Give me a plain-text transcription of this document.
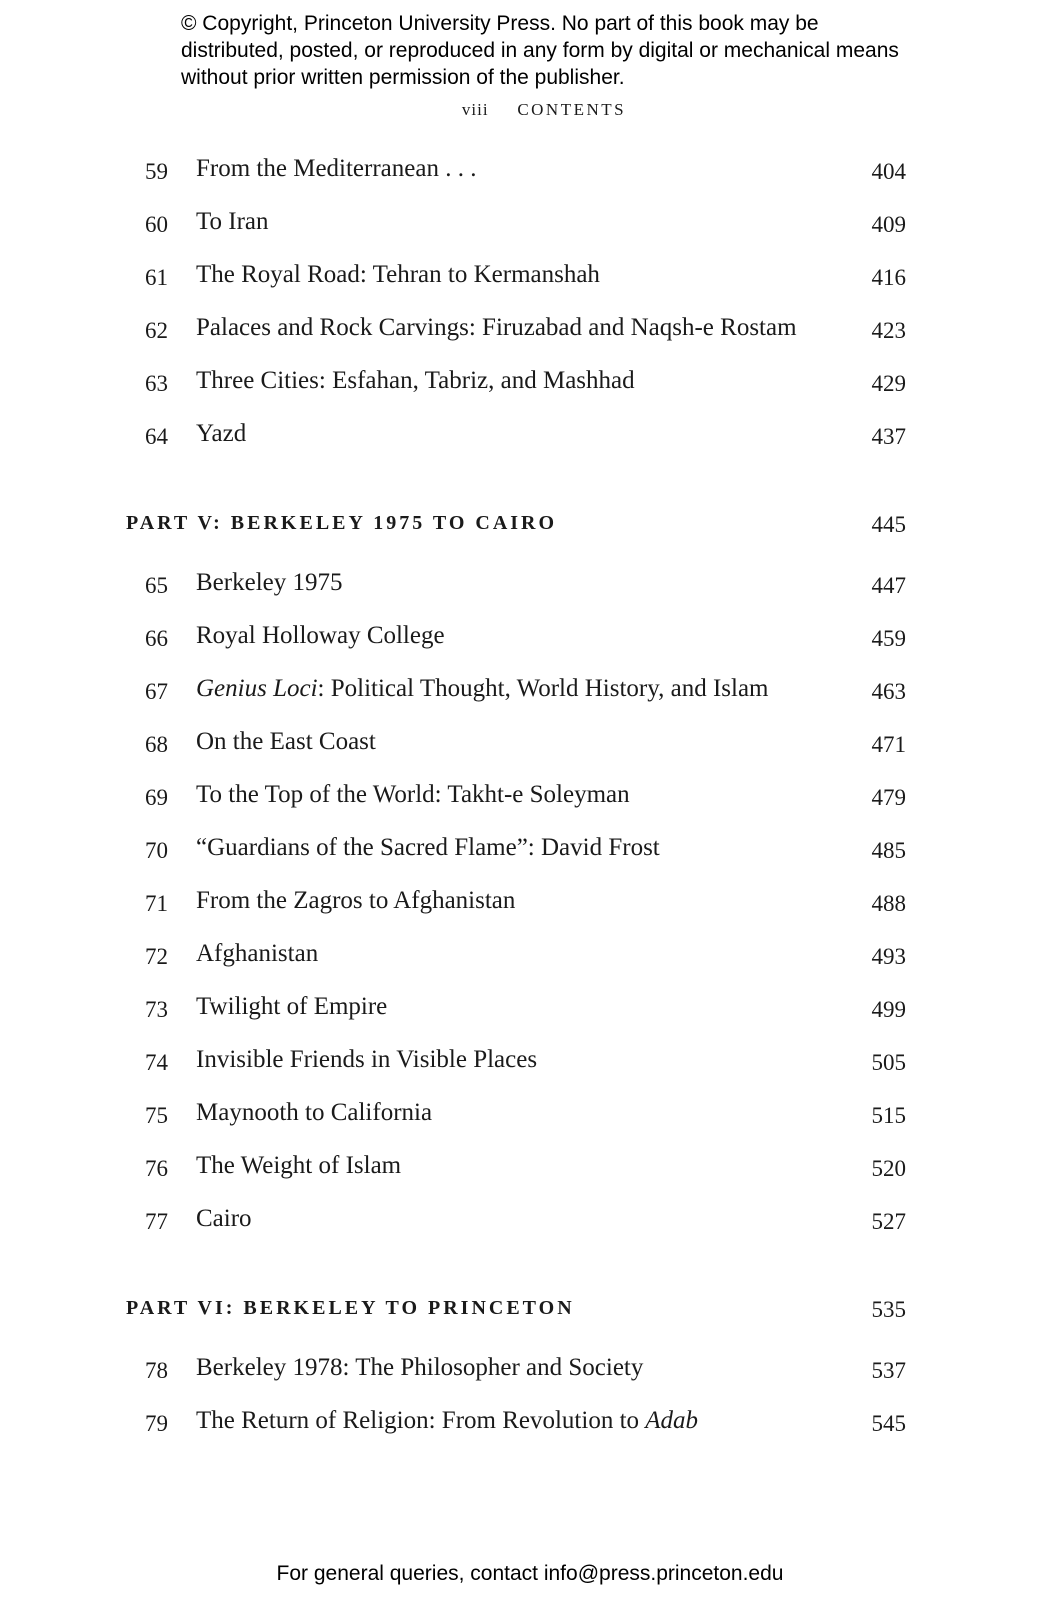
© Copyright, Princeton University Press. No part of this book may be distributed, posted, or reproduced in any form by digital or mechanical means without prior written permission of the publisher.
viii CONTENTS
59 From the Mediterranean . . .	404
60 To Iran	409
61 The Royal Road: Tehran to Kermanshah	416
62 Palaces and Rock Carvings: Firuzabad and Naqsh-e Rostam	423
63 Three Cities: Esfahan, Tabriz, and Mashhad	429
64 Yazd	437
PART V: BERKELEY 1975 TO CAIRO	445
65 Berkeley 1975	447
66 Royal Holloway College	459
67 Genius Loci: Political Thought, World History, and Islam	463
68 On the East Coast	471
69 To the Top of the World: Takht-e Soleyman	479
70 “Guardians of the Sacred Flame”: David Frost	485
71 From the Zagros to Afghanistan	488
72 Afghanistan	493
73 Twilight of Empire	499
74 Invisible Friends in Visible Places	505
75 Maynooth to California	515
76 The Weight of Islam	520
77 Cairo	527
PART VI: BERKELEY TO PRINCETON	535
78 Berkeley 1978: The Philosopher and Society	537
79 The Return of Religion: From Revolution to Adab	545
For general queries, contact info@press.princeton.edu
